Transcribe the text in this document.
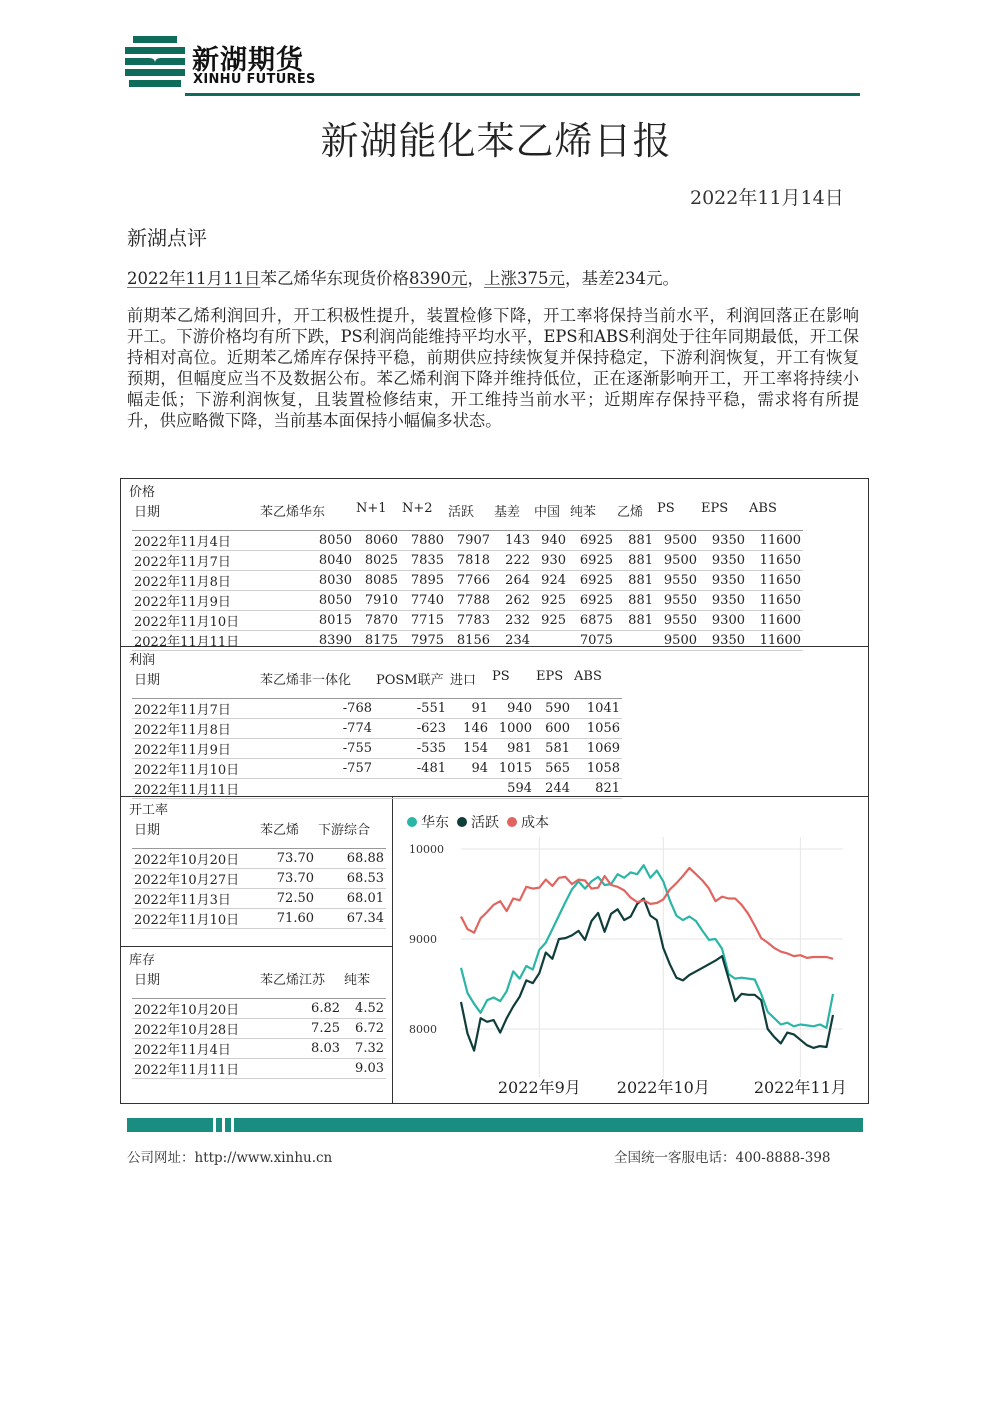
新湖期货
XINHU FUTURES
新湖能化苯乙烯日报
2022年11月14日
新湖点评
2022年11月11日苯乙烯华东现货价格8390元，上涨375元，基差234元。
前期苯乙烯利润回升，开工积极性提升，装置检修下降，开工率将保持当前水平，利润回落正在影响开工。下游价格均有所下跌，PS利润尚能维持平均水平，EPS和ABS利润处于往年同期最低，开工保持相对高位。近期苯乙烯库存保持平稳，前期供应持续恢复并保持稳定，下游利润恢复，开工有恢复预期，但幅度应当不及数据公布。苯乙烯利润下降并维持低位，正在逐渐影响开工，开工率将持续小幅走低；下游利润恢复，且装置检修结束，开工维持当前水平；近期库存保持平稳，需求将有所提升，供应略微下降，当前基本面保持小幅偏多状态。
价格
日期	苯乙烯华东	N+1	N+2	活跃	基差	中国	纯苯	乙烯	PS	EPS	ABS
2022年11月4日	8050	8060	7880	7907	143	940	6925	881	9500	9350	11600
2022年11月7日	8040	8025	7835	7818	222	930	6925	881	9500	9350	11650
2022年11月8日	8030	8085	7895	7766	264	924	6925	881	9550	9350	11650
2022年11月9日	8050	7910	7740	7788	262	925	6925	881	9550	9350	11650
2022年11月10日	8015	7870	7715	7783	232	925	6875	881	9550	9300	11600
2022年11月11日	8390	8175	7975	8156	234		7075		9500	9350	11600
利润
日期	苯乙烯非一体化	POSM联产	进口	PS	EPS	ABS
2022年11月7日	-768	-551	91	940	590	1041
2022年11月8日	-774	-623	146	1000	600	1056
2022年11月9日	-755	-535	154	981	581	1069
2022年11月10日	-757	-481	94	1015	565	1058
2022年11月11日				594	244	821
开工率
日期	苯乙烯	下游综合
2022年10月20日	73.70	68.88
2022年10月27日	73.70	68.53
2022年11月3日	72.50	68.01
2022年11月10日	71.60	67.34
库存
日期	苯乙烯江苏	纯苯
2022年10月20日	6.82	4.52
2022年10月28日	7.25	6.72
2022年11月4日	8.03	7.32
2022年11月11日		9.03
8000
9000
10000
2022年9月 2022年10月	2022年11月
华东 活跃 成本
公司网址：http://www.xinhu.cn	全国统一客服电话：400-8888-398
